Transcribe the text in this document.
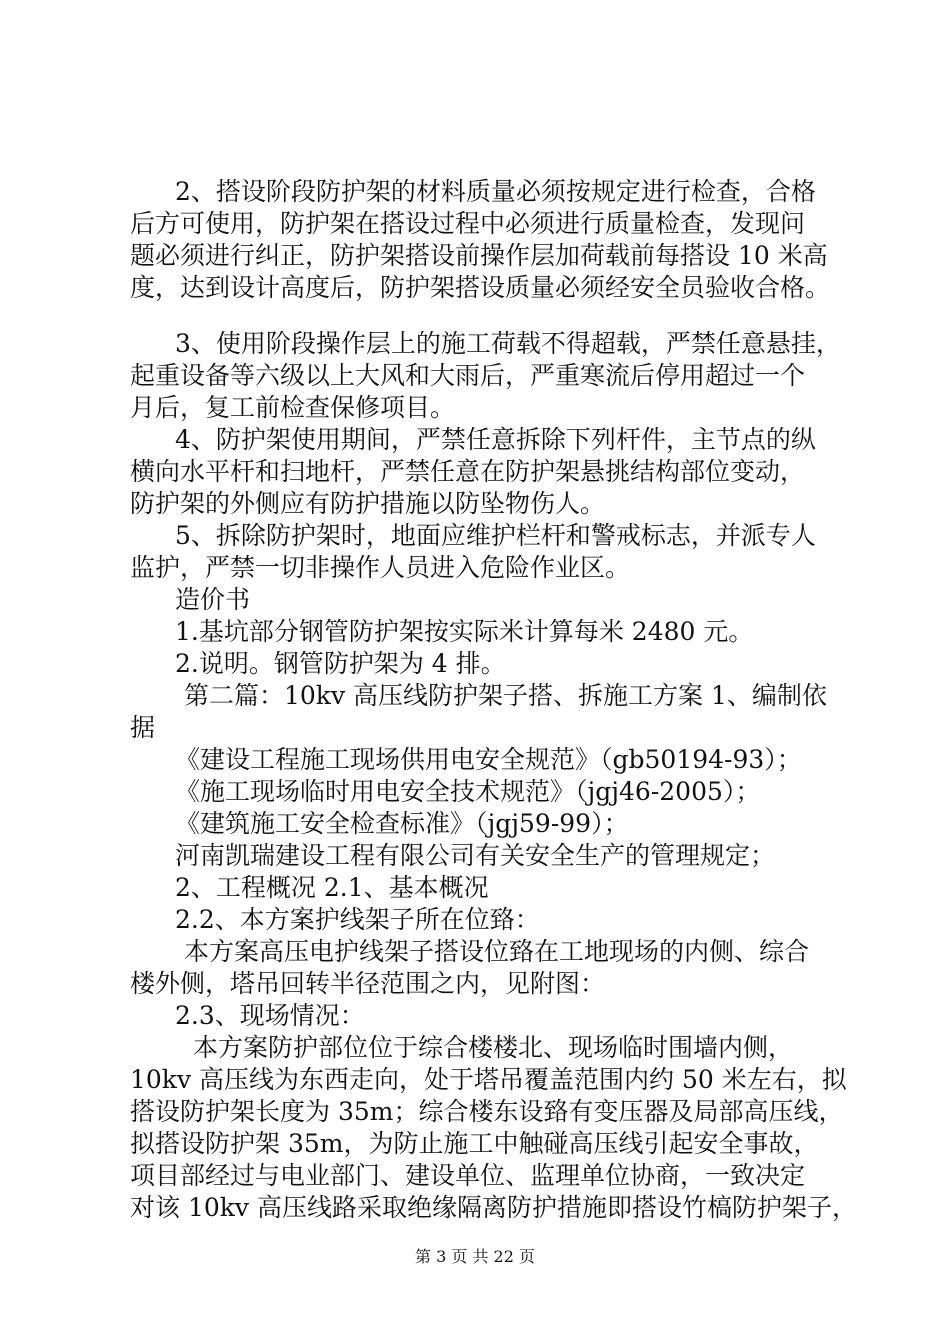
2、搭设阶段防护架的材料质量必须按规定进行检查，合格
后方可使用，防护架在搭设过程中必须进行质量检查，发现问
题必须进行纠正，防护架搭设前操作层加荷载前每搭设 10 米高
度，达到设计高度后，防护架搭设质量必须经安全员验收合格。
3、使用阶段操作层上的施工荷载不得超载，严禁任意悬挂，
起重设备等六级以上大风和大雨后，严重寒流后停用超过一个
月后，复工前检查保修项目。
4、防护架使用期间，严禁任意拆除下列杆件，主节点的纵
横向水平杆和扫地杆，严禁任意在防护架悬挑结构部位变动，
防护架的外侧应有防护措施以防坠物伤人。
5、拆除防护架时，地面应维护栏杆和警戒标志，并派专人
监护，严禁一切非操作人员进入危险作业区。
造价书
1.基坑部分钢管防护架按实际米计算每米 2480 元。
2.说明。钢管防护架为 4 排。
第二篇：10kv 高压线防护架子搭、拆施工方案 1、编制依
据
《建设工程施工现场供用电安全规范》（gb50194-93）；
《施工现场临时用电安全技术规范》（jgj46-2005）；
《建筑施工安全检查标准》（jgj59-99）；
河南凯瑞建设工程有限公司有关安全生产的管理规定；
2、工程概况 2.1、基本概况
2.2、本方案护线架子所在位臵：
本方案高压电护线架子搭设位臵在工地现场的内侧、综合
楼外侧，塔吊回转半径范围之内，见附图：
2.3、现场情况：
本方案防护部位位于综合楼楼北、现场临时围墙内侧，
10kv 高压线为东西走向，处于塔吊覆盖范围内约 50 米左右，拟
搭设防护架长度为 35m；综合楼东设臵有变压器及局部高压线，
拟搭设防护架 35m，为防止施工中触碰高压线引起安全事故，
项目部经过与电业部门、建设单位、监理单位协商，一致决定
对该 10kv 高压线路采取绝缘隔离防护措施即搭设竹槁防护架子，
第 3 页 共 22 页
